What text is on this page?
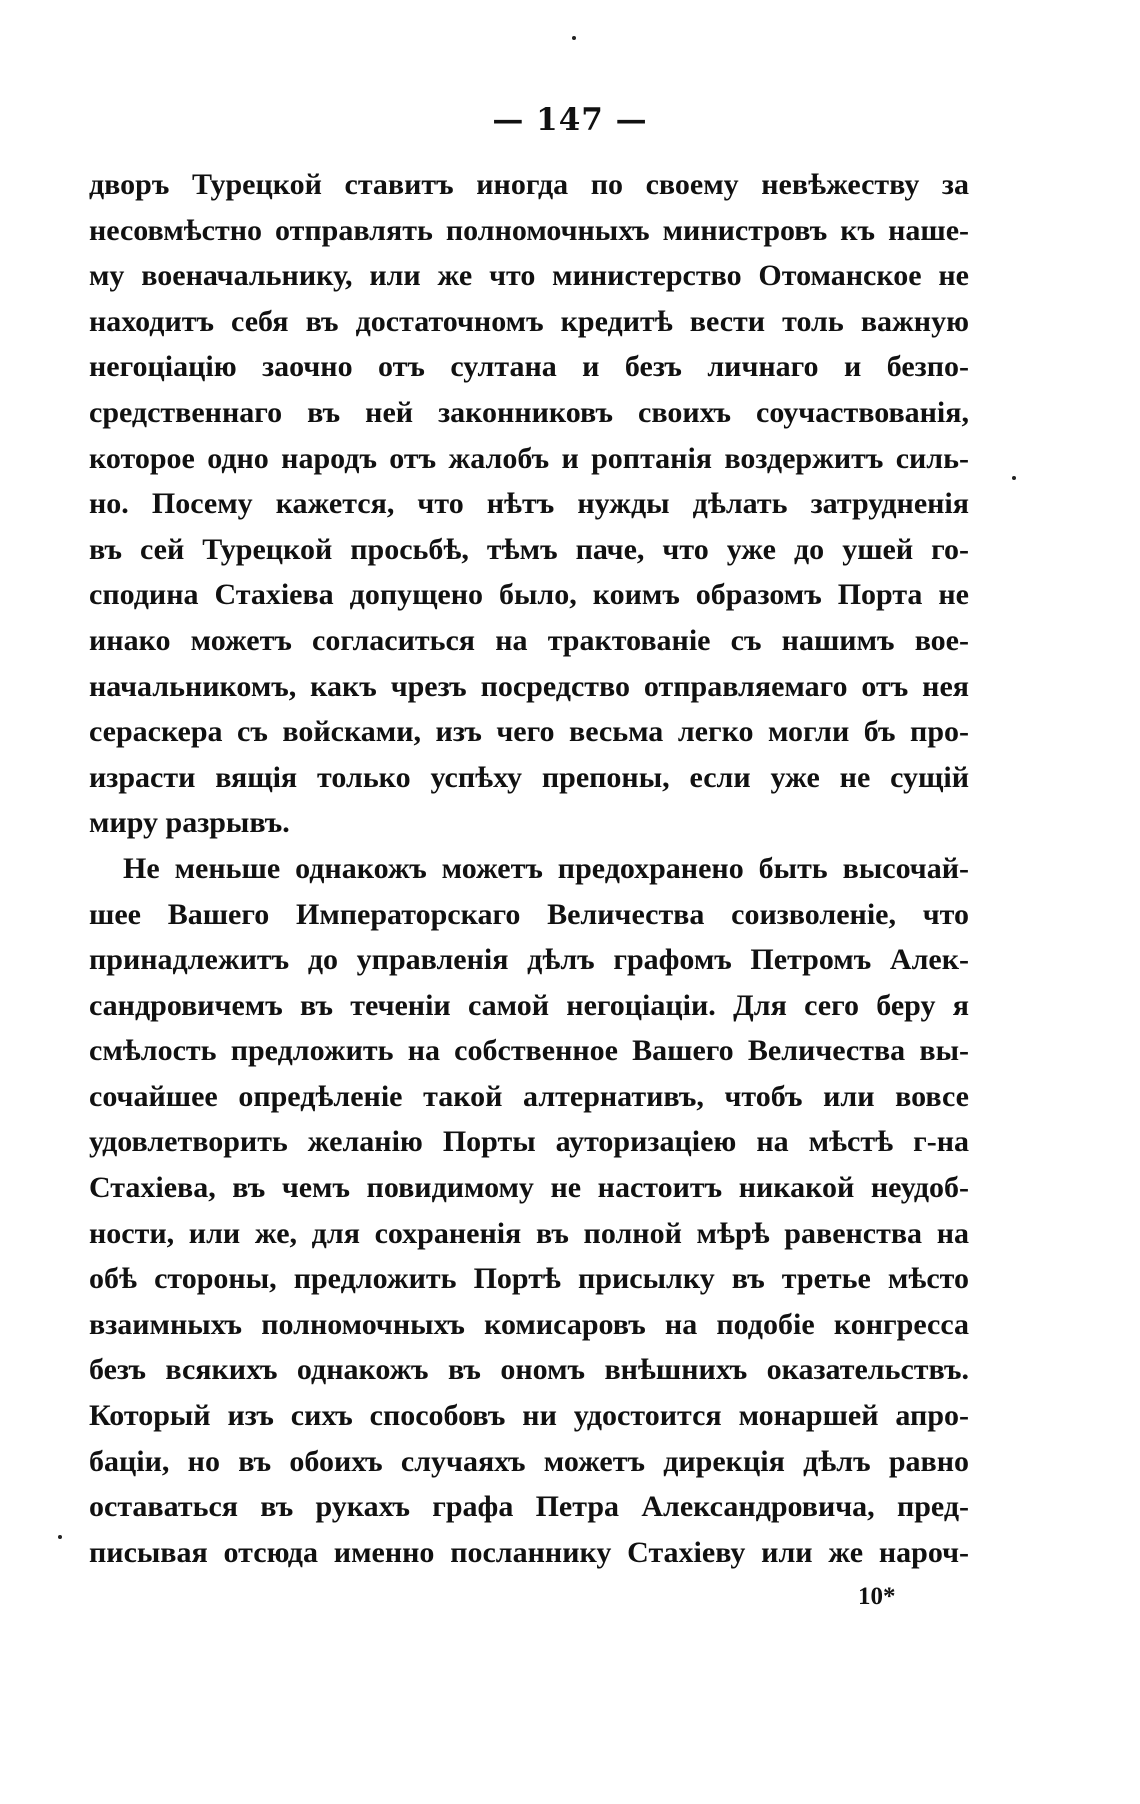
— 147 —
дворъ Турецкой ставитъ иногда по своему невѣжеству за
несовмѣстно отправлять полномочныхъ министровъ къ наше-
му военачальнику, или же что министерство Отоманское не
находитъ себя въ достаточномъ кредитѣ вести толь важную
негоціацію заочно отъ султана и безъ личнаго и безпо-
средственнаго въ ней законниковъ своихъ соучаствованія,
которое одно народъ отъ жалобъ и роптанія воздержитъ силь-
но. Посему кажется, что нѣтъ нужды дѣлать затрудненія
въ сей Турецкой просьбѣ, тѣмъ паче, что уже до ушей го-
сподина Стахіева допущено было, коимъ образомъ Порта не
инако можетъ согласиться на трактованіе съ нашимъ воe-
начальникомъ, какъ чрезъ посредство отправляемаго отъ нея
сераскера съ войсками, изъ чего весьма легко могли бъ про-
израсти вящія только успѣху препоны, если уже не сущій
миру разрывъ.
Не меньше однакожъ можетъ предохранено быть высочай-
шее Вашего Императорскаго Величества соизволеніе, что
принадлежитъ до управленія дѣлъ графомъ Петромъ Алек-
сандровичемъ въ теченіи самой негоціаціи. Для сего беру я
смѣлость предложить на собственное Вашего Величества вы-
сочайшее опредѣленіе такой алтернативъ, чтобъ или вовсе
удовлетворить желанію Порты ауторизаціею на мѣстѣ г-на
Стахіева, въ чемъ повидимому не настоитъ никакой неудоб-
ности, или же, для сохраненія въ полной мѣрѣ равенства на
обѣ стороны, предложить Портѣ присылку въ третье мѣсто
взаимныхъ полномочныхъ комисаровъ на подобіе конгресса
безъ всякихъ однакожъ въ ономъ внѣшнихъ оказательствъ.
Который изъ сихъ способовъ ни удостоится монаршей апро-
баціи, но въ обоихъ случаяхъ можетъ дирекція дѣлъ равно
оставаться въ рукахъ графа Петра Александровича, пред-
писывая отсюда именно посланнику Стахіеву или же нароч-
10*
